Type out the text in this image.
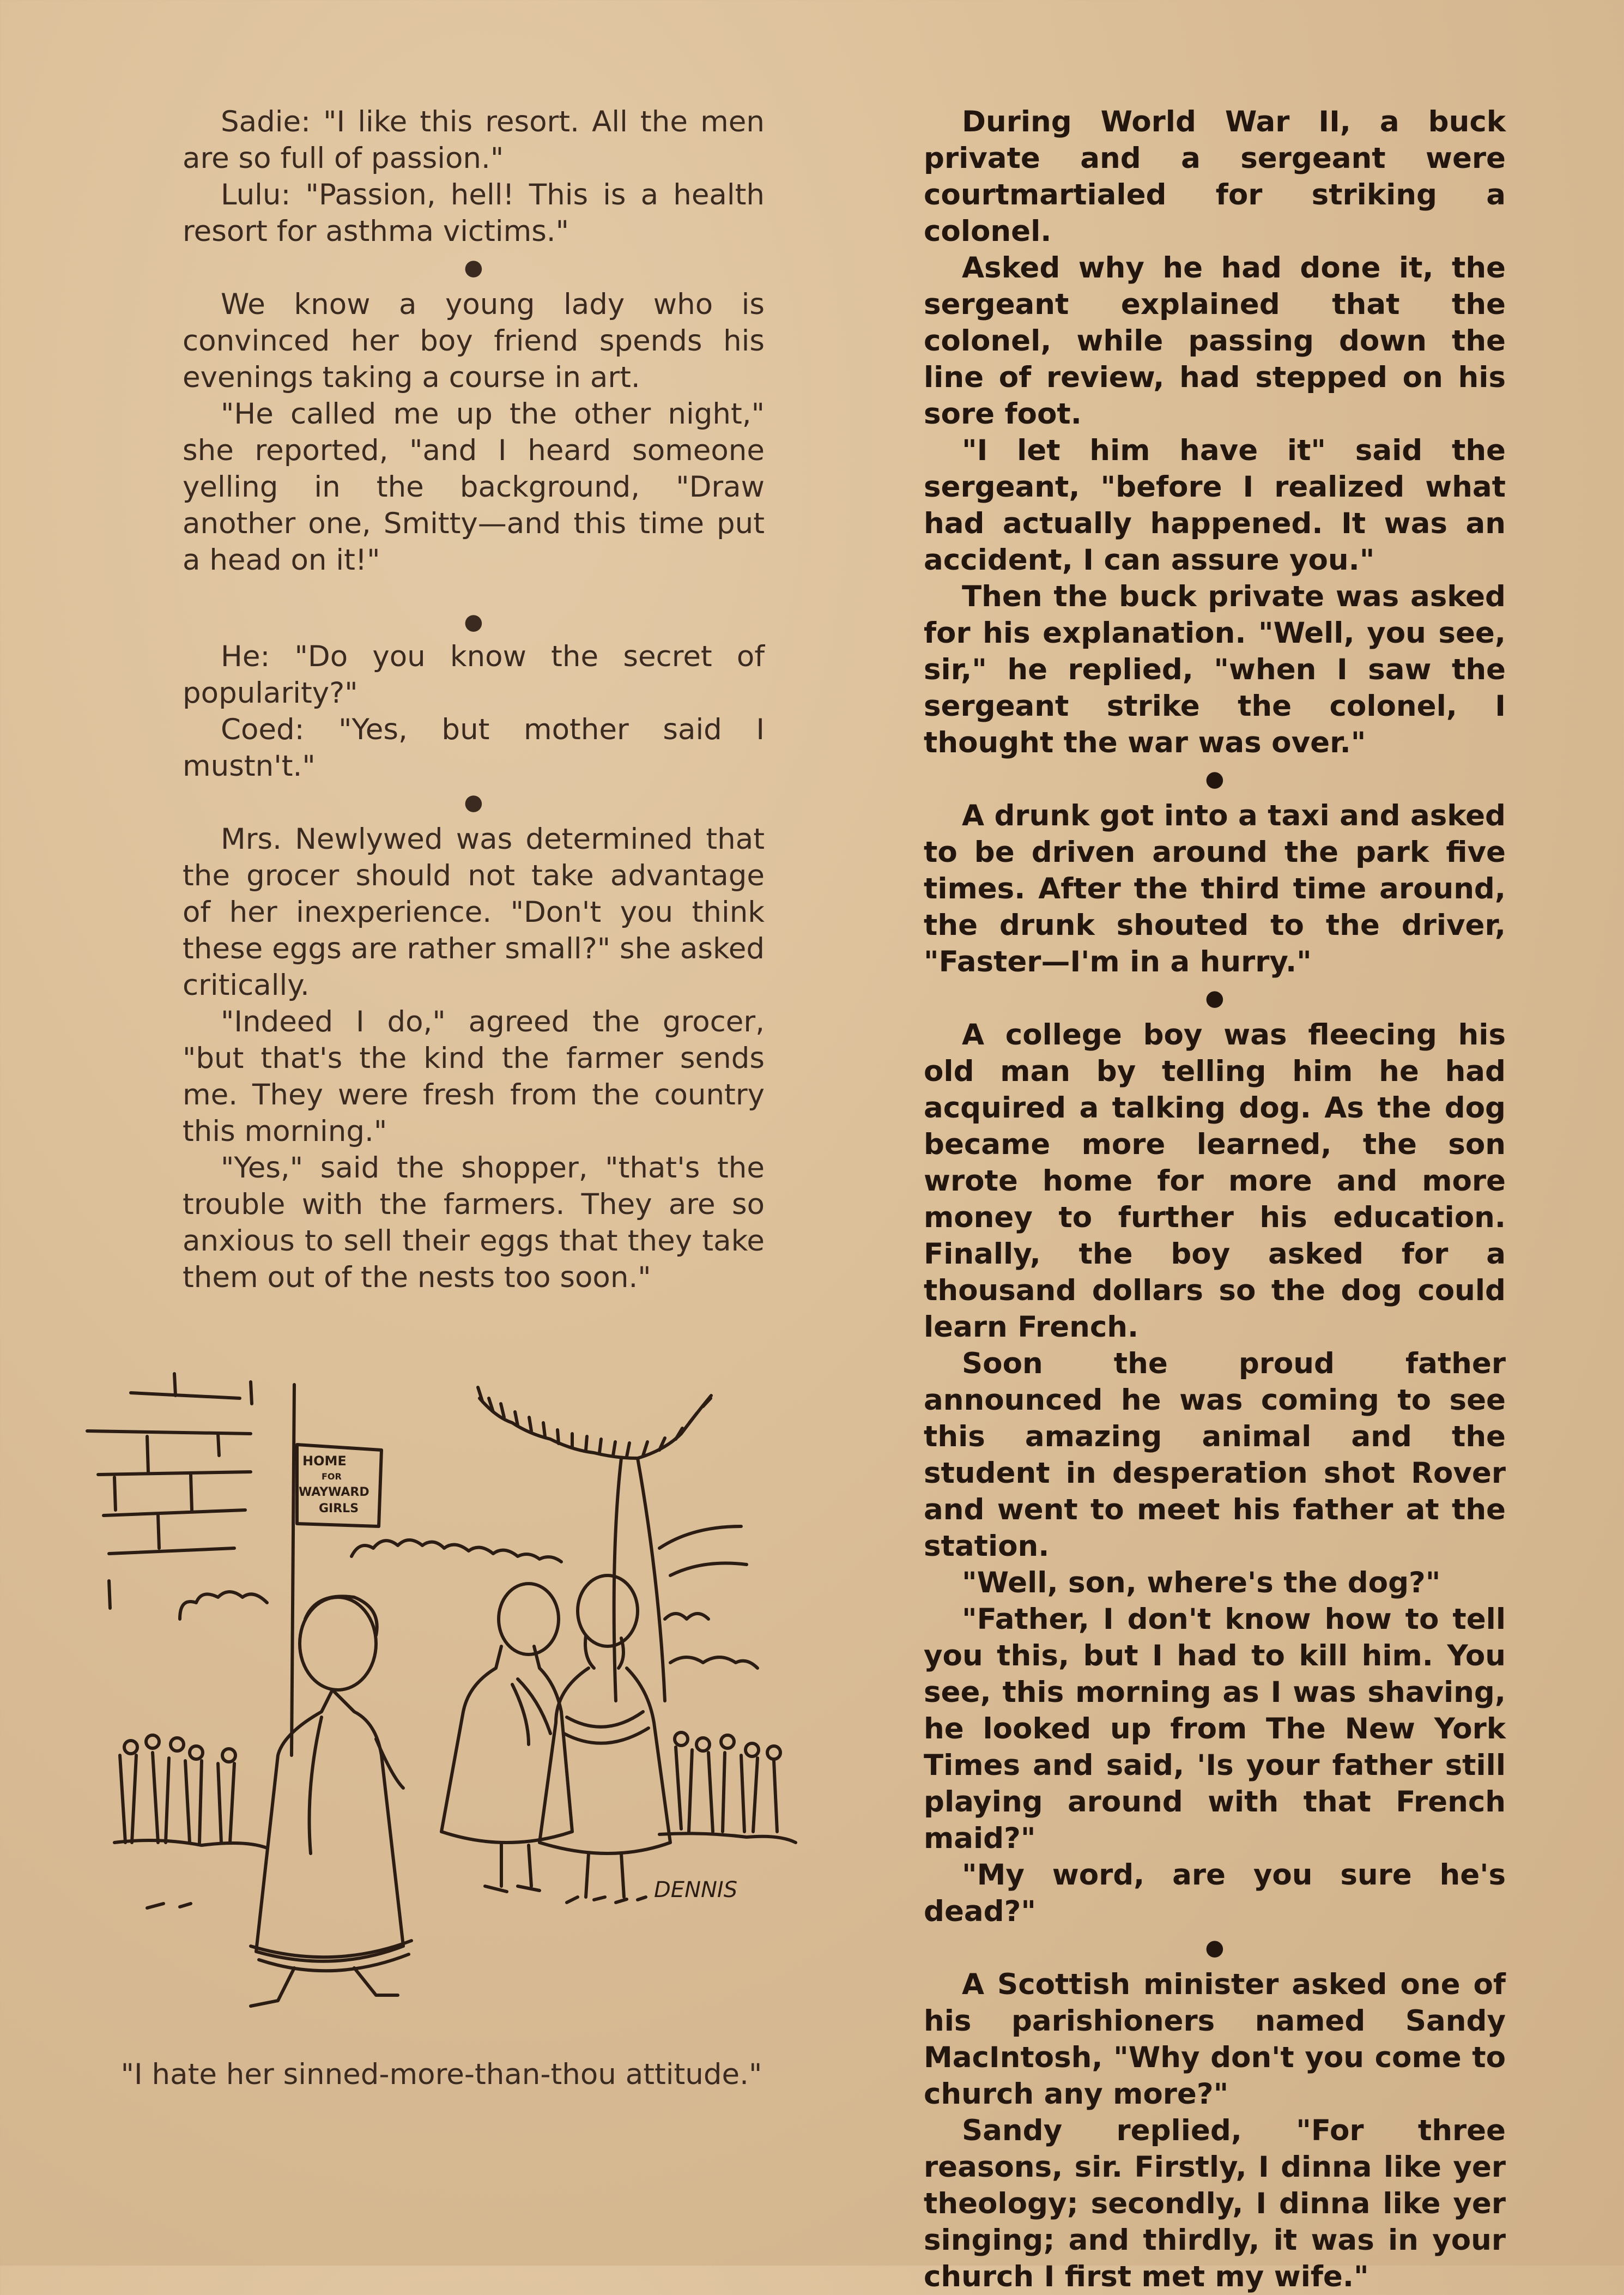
Sadie: "I like this resort. All the men are so full of passion."

Lulu: "Passion, hell! This is a health resort for asthma victims."

●

We know a young lady who is convinced her boy friend spends his evenings taking a course in art.

"He called me up the other night," she reported, "and I heard someone yelling in the background, "Draw another one, Smitty—and this time put a head on it!"

●

He: "Do you know the secret of popularity?"

Coed: "Yes, but mother said I mustn't."

●

Mrs. Newlywed was determined that the grocer should not take advantage of her inexperience. "Don't you think these eggs are rather small?" she asked critically.

"Indeed I do," agreed the grocer, "but that's the kind the farmer sends me. They were fresh from the country this morning."

"Yes," said the shopper, "that's the trouble with the farmers. They are so anxious to sell their eggs that they take them out of the nests too soon."

During World War II, a buck private and a sergeant were courtmartialed for striking a colonel.

Asked why he had done it, the sergeant explained that the colonel, while passing down the line of review, had stepped on his sore foot.

"I let him have it" said the sergeant, "before I realized what had actually happened. It was an accident, I can assure you."

Then the buck private was asked for his explanation. "Well, you see, sir," he replied, "when I saw the sergeant strike the colonel, I thought the war was over."

●

A drunk got into a taxi and asked to be driven around the park five times. After the third time around, the drunk shouted to the driver, "Faster—I'm in a hurry."

●

A college boy was fleecing his old man by telling him he had acquired a talking dog. As the dog became more learned, the son wrote home for more and more money to further his education. Finally, the boy asked for a thousand dollars so the dog could learn French.

Soon the proud father announced he was coming to see this amazing animal and the student in desperation shot Rover and went to meet his father at the station.

"Well, son, where's the dog?"

"Father, I don't know how to tell you this, but I had to kill him. You see, this morning as I was shaving, he looked up from The New York Times and said, 'Is your father still playing around with that French maid?"

"My word, are you sure he's dead?"

●

A Scottish minister asked one of his parishioners named Sandy MacIntosh, "Why don't you come to church any more?"

Sandy replied, "For three reasons, sir. Firstly, I dinna like yer theology; secondly, I dinna like yer singing; and thirdly, it was in your church I first met my wife."

HOME
FOR
WAYWARD
GIRLS
DENNIS
"I hate her sinned-more-than-thou attitude."
